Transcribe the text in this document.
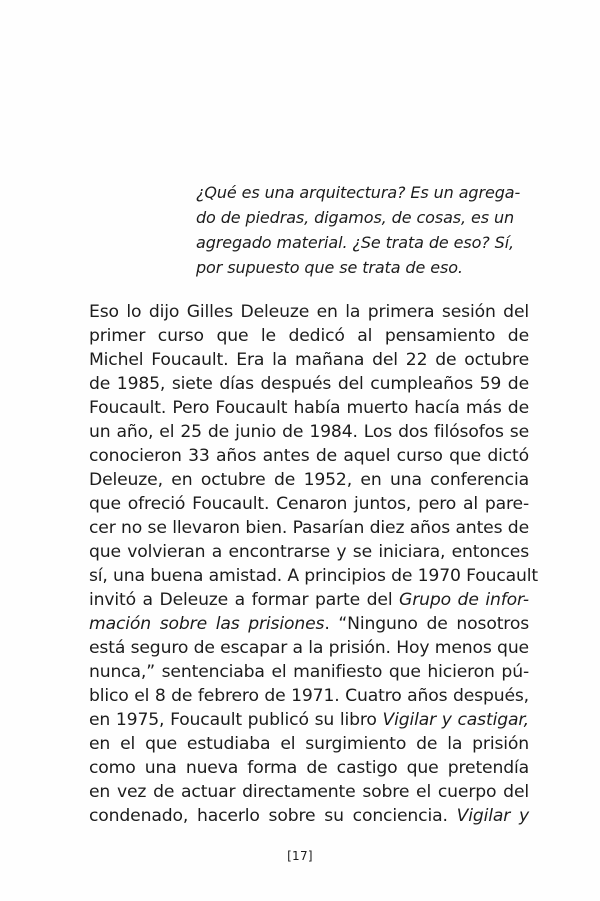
¿Qué es una arquitectura? Es un agrega-
do de piedras, digamos, de cosas, es un
agregado material. ¿Se trata de eso? Sí,
por supuesto que se trata de eso.
Eso lo dijo Gilles Deleuze en la primera sesión del
primer curso que le dedicó al pensamiento de
Michel Foucault. Era la mañana del 22 de octubre
de 1985, siete días después del cumpleaños 59 de
Foucault. Pero Foucault había muerto hacía más de
un año, el 25 de junio de 1984. Los dos filósofos se
conocieron 33 años antes de aquel curso que dictó
Deleuze, en octubre de 1952, en una conferencia
que ofreció Foucault. Cenaron juntos, pero al pare-
cer no se llevaron bien. Pasarían diez años antes de
que volvieran a encontrarse y se iniciara, entonces
sí, una buena amistad. A principios de 1970 Foucault
invitó a Deleuze a formar parte del Grupo de infor-
mación sobre las prisiones. “Ninguno de nosotros
está seguro de escapar a la prisión. Hoy menos que
nunca,” sentenciaba el manifiesto que hicieron pú-
blico el 8 de febrero de 1971. Cuatro años después,
en 1975, Foucault publicó su libro Vigilar y castigar,
en el que estudiaba el surgimiento de la prisión
como una nueva forma de castigo que pretendía
en vez de actuar directamente sobre el cuerpo del
condenado, hacerlo sobre su conciencia. Vigilar y
[17]
